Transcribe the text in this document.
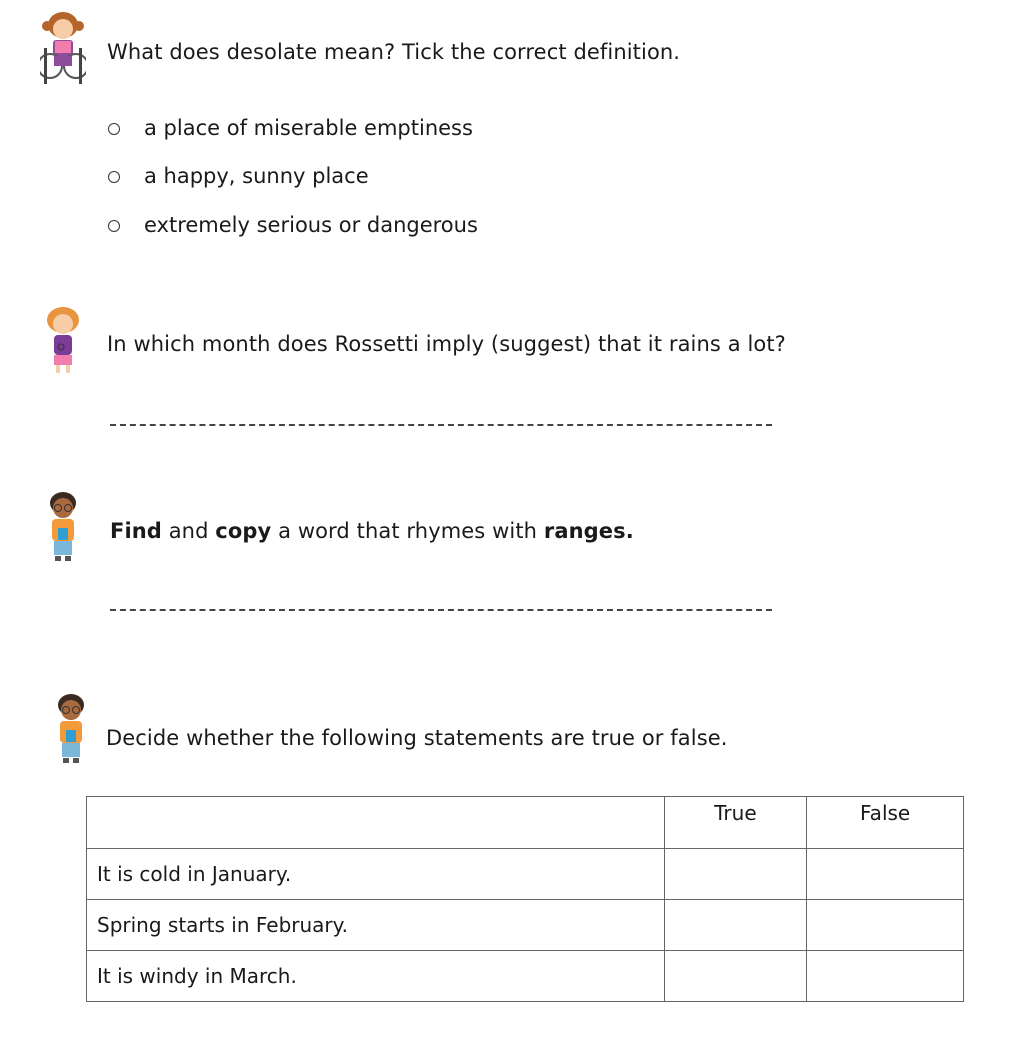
What does desolate mean? Tick the correct definition.
a place of miserable emptiness
a happy, sunny place
extremely serious or dangerous
In which month does Rossetti imply (suggest) that it rains a lot?
Find and copy a word that rhymes with ranges.
Decide whether the following statements are true or false.
	True	False
It is cold in January.		
Spring starts in February.		
It is windy in March.		
